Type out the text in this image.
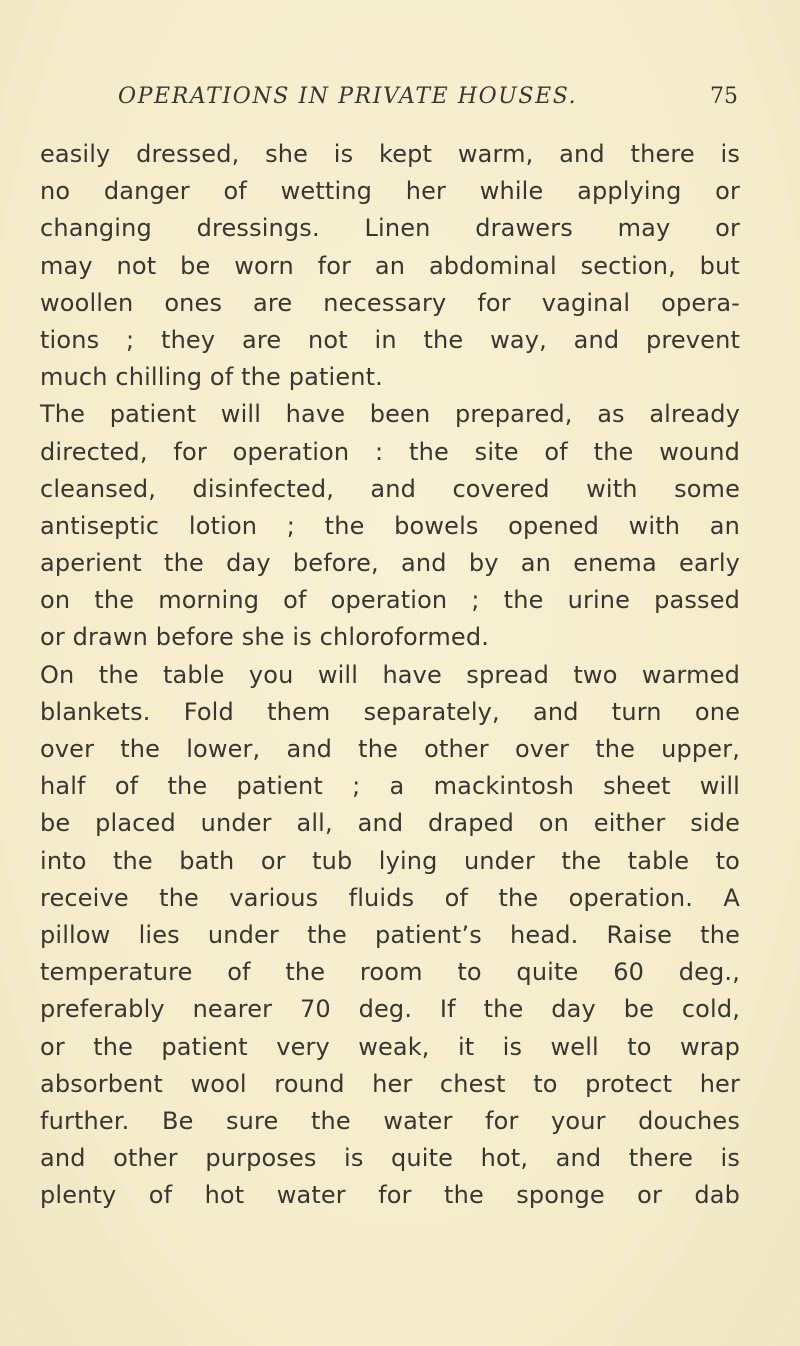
OPERATIONS IN PRIVATE HOUSES.	75
easily dressed, she is kept warm, and there is
no danger of wetting her while applying or
changing dressings. Linen drawers may or
may not be worn for an abdominal section, but
woollen ones are necessary for vaginal opera-
tions ; they are not in the way, and prevent
much chilling of the patient.
The patient will have been prepared, as already
directed, for operation : the site of the wound
cleansed, disinfected, and covered with some
antiseptic lotion ; the bowels opened with an
aperient the day before, and by an enema early
on the morning of operation ; the urine passed
or drawn before she is chloroformed.
On the table you will have spread two warmed
blankets. Fold them separately, and turn one
over the lower, and the other over the upper,
half of the patient ; a mackintosh sheet will
be placed under all, and draped on either side
into the bath or tub lying under the table to
receive the various fluids of the operation. A
pillow lies under the patient’s head. Raise the
temperature of the room to quite 60 deg.,
preferably nearer 70 deg. If the day be cold,
or the patient very weak, it is well to wrap
absorbent wool round her chest to protect her
further. Be sure the water for your douches
and other purposes is quite hot, and there is
plenty of hot water for the sponge or dab
